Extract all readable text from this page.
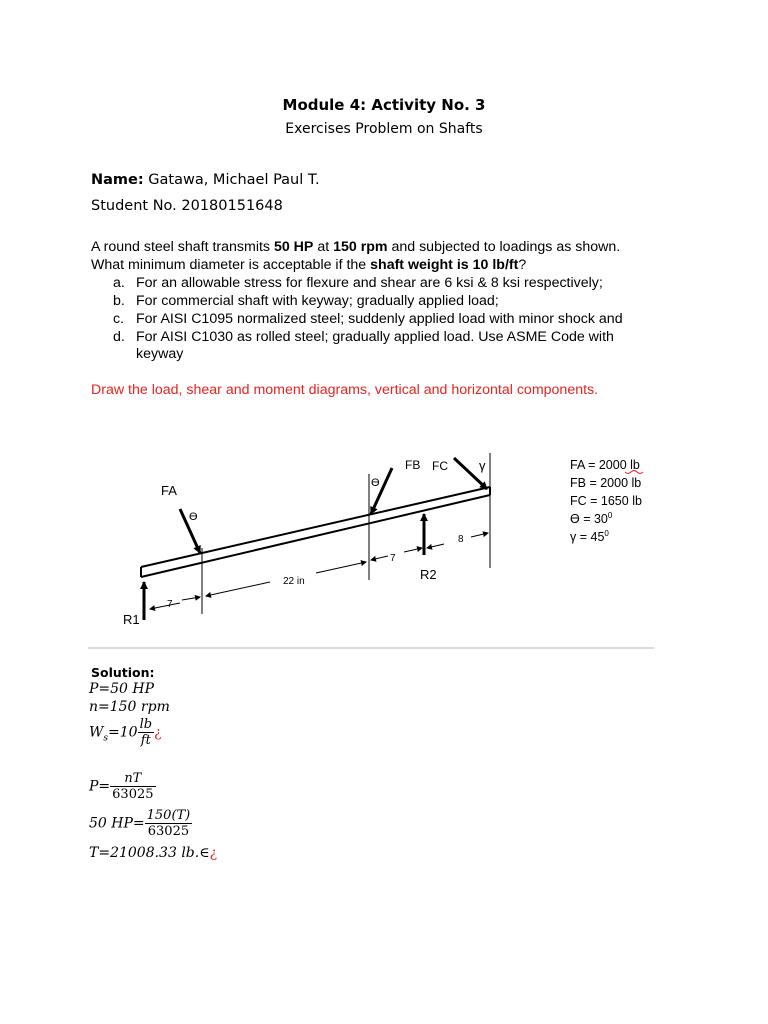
Module 4: Activity No. 3
Exercises Problem on Shafts
Name: Gatawa, Michael Paul T.
Student No. 20180151648
A round steel shaft transmits 50 HP at 150 rpm and subjected to loadings as shown.
What minimum diameter is acceptable if the shaft weight is 10 lb/ft?
a. For an allowable stress for flexure and shear are 6 ksi & 8 ksi respectively;
b. For commercial shaft with keyway; gradually applied load;
c. For AISI C1095 normalized steel; suddenly applied load with minor shock and
d. For AISI C1030 as rolled steel; gradually applied load. Use ASME Code with
keyway
Draw the load, shear and moment diagrams, vertical and horizontal components.
FA
ϴ
ϴ
FB FC γ
R1
R2
7
22 in
7
8
FA = 2000 lb
FB = 2000 lb
FC = 1650 lb
$ϴ = 30^0$
$\gamma = 45^0$
Solution:
P=50 HP
n=150 rpm
$W_s=10 \frac{lb}{ft}$ ¿
$P= \frac{nT}{63025}$
50 $HP= \frac{150(T)}{63025}$
T=21008.33 lb.∈¿
